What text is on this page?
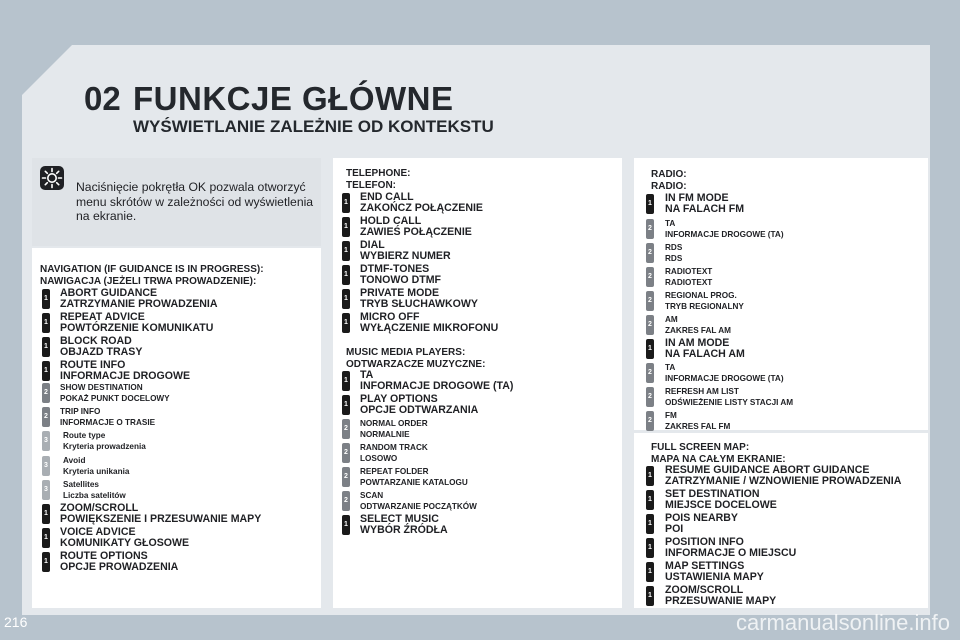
02 FUNKCJE GŁÓWNE
WYŚWIETLANIE ZALEŻNIE OD KONTEKSTU
Naciśnięcie pokrętła OK pozwala otworzyć menu skrótów w zależności od wyświetlenia na ekranie.
NAVIGATION (IF GUIDANCE IS IN PROGRESS):
NAWIGACJA (JEŻELI TRWA PROWADZENIE):
TELEPHONE:
TELEFON:
MUSIC MEDIA PLAYERS:
ODTWARZACZE MUZYCZNE:
RADIO:
RADIO:
FULL SCREEN MAP:
MAPA NA CAŁYM EKRANIE:
1 ABORT GUIDANCE
ZATRZYMANIE PROWADZENIA
1 REPEAT ADVICE
POWTÓRZENIE KOMUNIKATU
1 BLOCK ROAD
OBJAZD TRASY
1 ROUTE INFO
INFORMACJE DROGOWE
2
SHOW DESTINATION
POKAŻ PUNKT DOCELOWY
2
TRIP INFO
INFORMACJE O TRASIE
3
Route type
Kryteria prowadzenia
3
Avoid
Kryteria unikania
3
Satellites
Liczba satelitów
1 ZOOM/SCROLL
POWIĘKSZENIE I PRZESUWANIE MAPY
1 VOICE ADVICE
KOMUNIKATY GŁOSOWE
1 ROUTE OPTIONS
OPCJE PROWADZENIA
1 END CALL
ZAKOŃCZ POŁĄCZENIE
1 HOLD CALL
ZAWIEŚ POŁĄCZENIE
1 DIAL
WYBIERZ NUMER
1 DTMF-TONES
TONOWO DTMF
1 PRIVATE MODE
TRYB SŁUCHAWKOWY
1 MICRO OFF
WYŁĄCZENIE MIKROFONU
1 TA
INFORMACJE DROGOWE (TA)
1 PLAY OPTIONS
OPCJE ODTWARZANIA
2
NORMAL ORDER
NORMALNIE
2
RANDOM TRACK
LOSOWO
2
REPEAT FOLDER
POWTARZANIE KATALOGU
2
SCAN
ODTWARZANIE POCZĄTKÓW
1 SELECT MUSIC
WYBÓR ŹRÓDŁA
1 IN FM MODE
NA FALACH FM
2
TA
INFORMACJE DROGOWE (TA)
2
RDS
RDS
2
RADIOTEXT
RADIOTEXT
2
REGIONAL PROG.
TRYB REGIONALNY
2
AM
ZAKRES FAL AM
1 IN AM MODE
NA FALACH AM
2
TA
INFORMACJE DROGOWE (TA)
2
REFRESH AM LIST
ODŚWIEŻENIE LISTY STACJI AM
2
FM
ZAKRES FAL FM
1 RESUME GUIDANCE ABORT GUIDANCE
ZATRZYMANIE / WZNOWIENIE PROWADZENIA
1 SET DESTINATION
MIEJSCE DOCELOWE
1 POIS NEARBY
POI
1 POSITION INFO
INFORMACJE O MIEJSCU
1 MAP SETTINGS
USTAWIENIA MAPY
1 ZOOM/SCROLL
PRZESUWANIE MAPY
216	carmanualsonline.info
